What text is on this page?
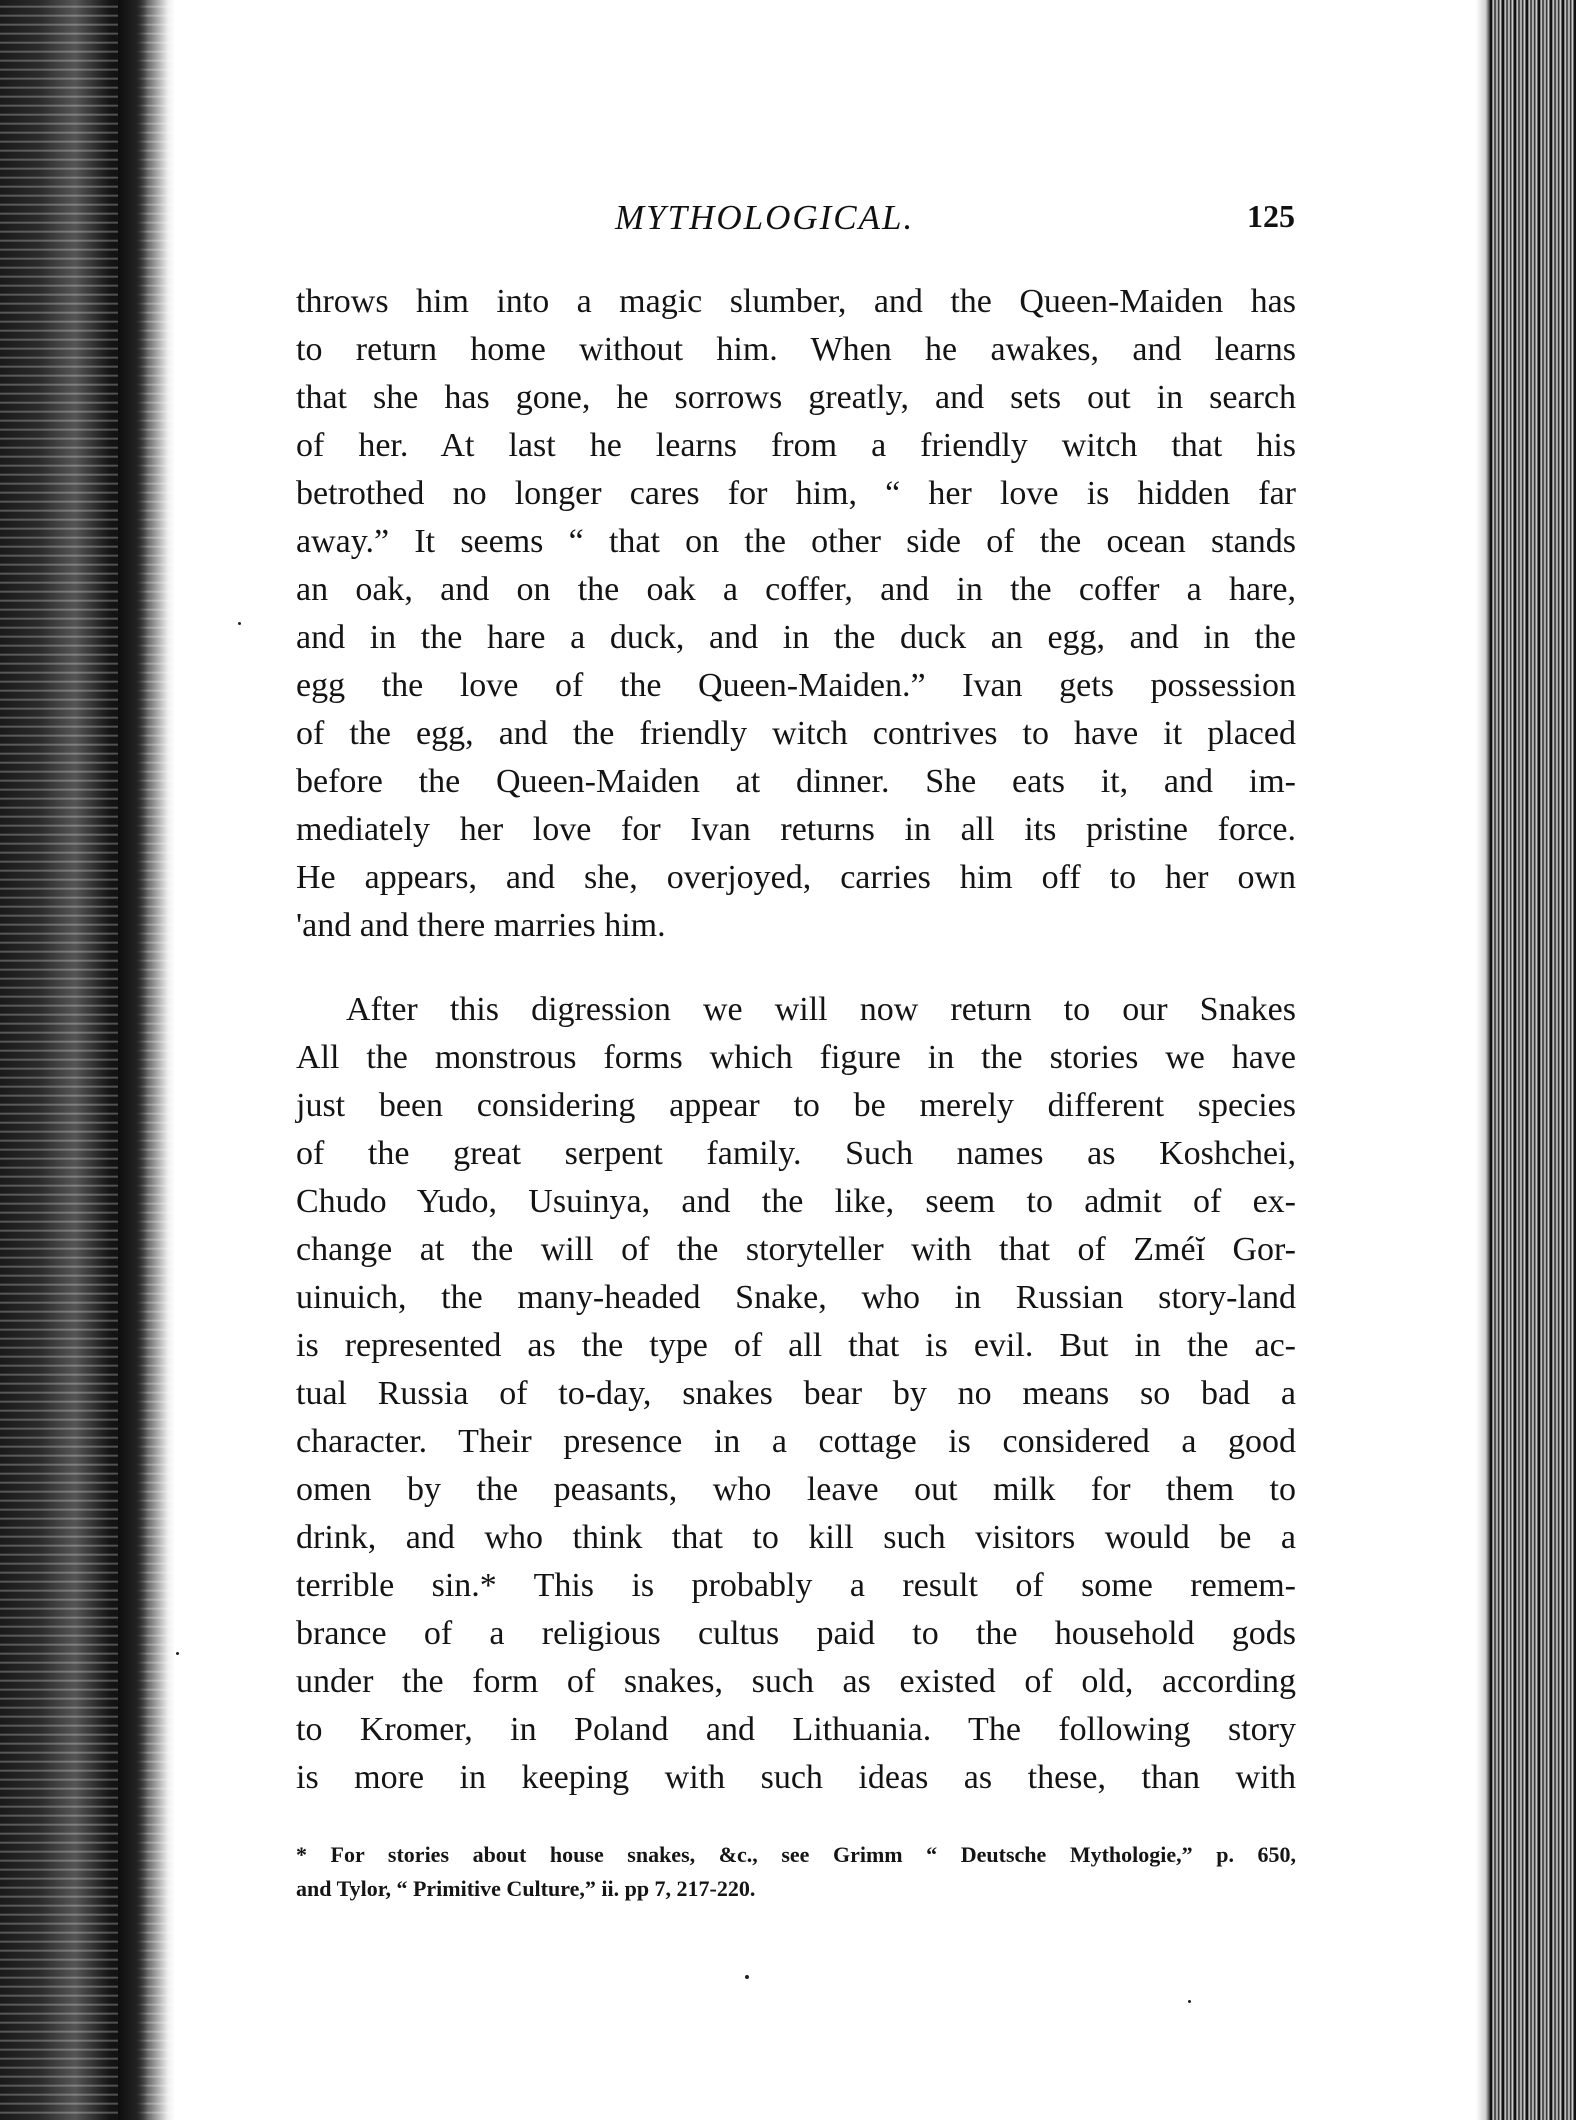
MYTHOLOGICAL.	125

throws him into a magic slumber, and the Queen-Maiden has
to return home without him. When he awakes, and learns
that she has gone, he sorrows greatly, and sets out in search
of her. At last he learns from a friendly witch that his
betrothed no longer cares for him, “ her love is hidden far
away.” It seems “ that on the other side of the ocean stands
an oak, and on the oak a coffer, and in the coffer a hare,
and in the hare a duck, and in the duck an egg, and in the
egg the love of the Queen-Maiden.” Ivan gets possession
of the egg, and the friendly witch contrives to have it placed
before the Queen-Maiden at dinner. She eats it, and im-
mediately her love for Ivan returns in all its pristine force.
He appears, and she, overjoyed, carries him off to her own
'and and there marries him.

After this digression we will now return to our Snakes
All the monstrous forms which figure in the stories we have
just been considering appear to be merely different species
of the great serpent family. Such names as Koshchei,
Chudo Yudo, Usuinya, and the like, seem to admit of ex-
change at the will of the storyteller with that of Zméĭ Gor-
uinuich, the many-headed Snake, who in Russian story-land
is represented as the type of all that is evil. But in the ac-
tual Russia of to-day, snakes bear by no means so bad a
character. Their presence in a cottage is considered a good
omen by the peasants, who leave out milk for them to
drink, and who think that to kill such visitors would be a
terrible sin.* This is probably a result of some remem-
brance of a religious cultus paid to the household gods
under the form of snakes, such as existed of old, according
to Kromer, in Poland and Lithuania. The following story
is more in keeping with such ideas as these, than with

* For stories about house snakes, &c., see Grimm “ Deutsche Mythologie,” p. 650,
and Tylor, “ Primitive Culture,” ii. pp 7, 217-220.
